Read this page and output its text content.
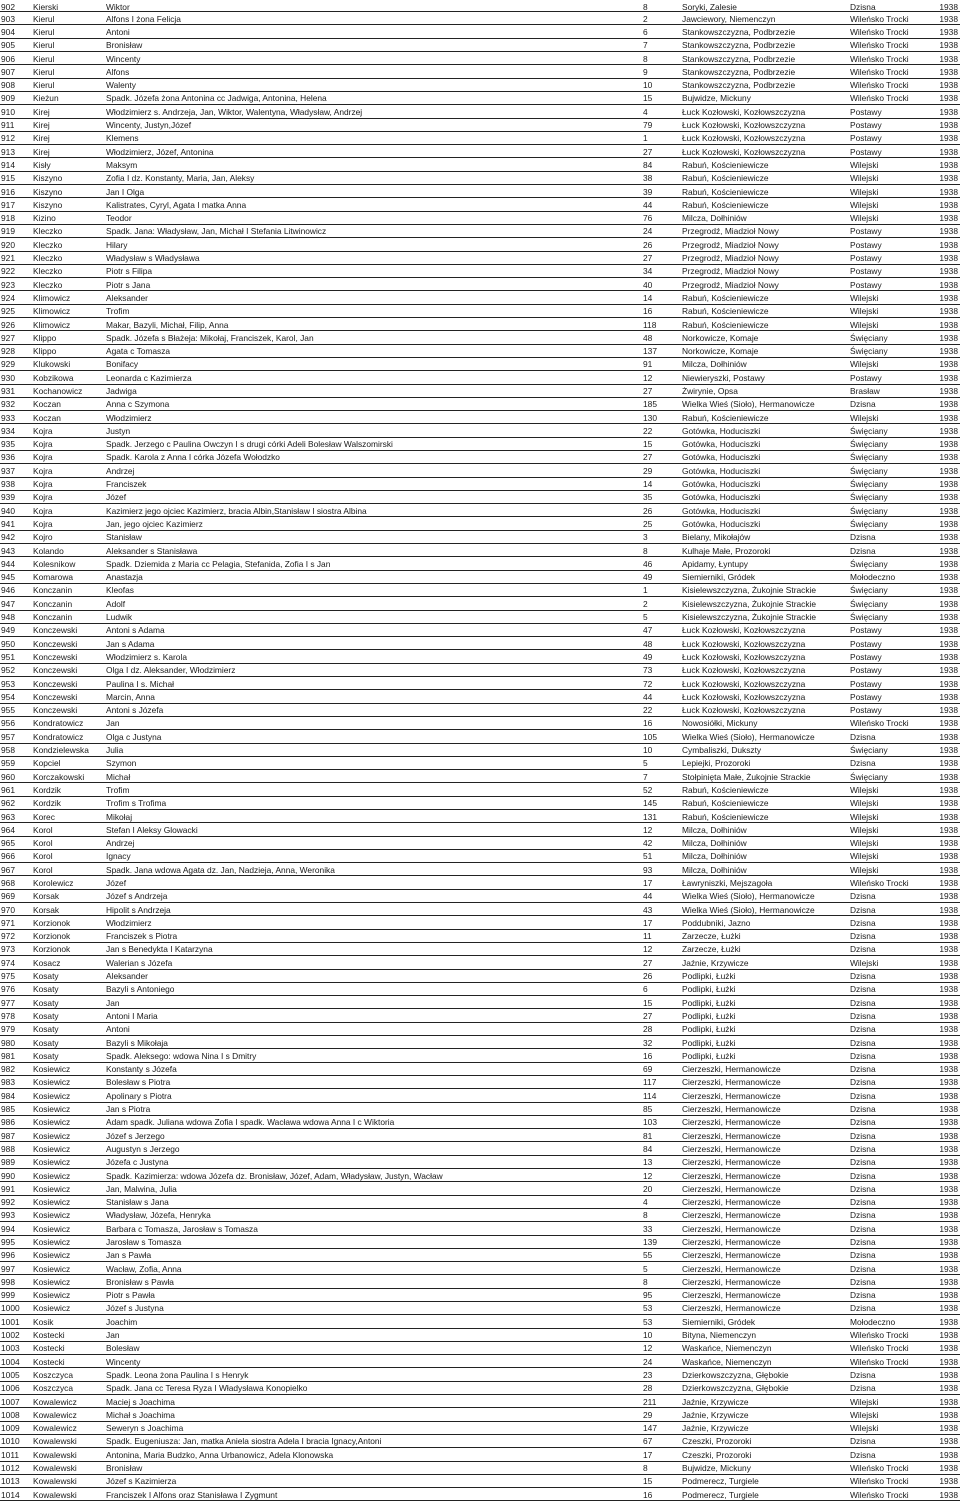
902	Kierski	Wiktor	8	Soryki, Zalesie	Dzisna	1938
903	Kierul	Alfons I żona Felicja	2	Jawciewory, Niemenczyn	Wileńsko Trocki	1938
904	Kierul	Antoni	6	Stankowszczyzna, Podbrzezie	Wileńsko Trocki	1938
905	Kierul	Bronisław	7	Stankowszczyzna, Podbrzezie	Wileńsko Trocki	1938
906	Kierul	Wincenty	8	Stankowszczyzna, Podbrzezie	Wileńsko Trocki	1938
907	Kierul	Alfons	9	Stankowszczyzna, Podbrzezie	Wileńsko Trocki	1938
908	Kierul	Walenty	10	Stankowszczyzna, Podbrzezie	Wileńsko Trocki	1938
909	Kieżun	Spadk. Józefa żona Antonina cc Jadwiga, Antonina, Helena	15	Bujwidze, Mickuny	Wileńsko Trocki	1938
910	Kirej	Włodzimierz s. Andrzeja, Jan, Wiktor, Walentyna, Władysław, Andrzej	4	Łuck Kozłowski, Kozłowszczyzna	Postawy	1938
911	Kirej	Wincenty, Justyn,Józef	79	Łuck Kozłowski, Kozłowszczyzna	Postawy	1938
912	Kirej	Klemens	1	Łuck Kozłowski, Kozłowszczyzna	Postawy	1938
913	Kirej	Włodzimierz, Józef, Antonina	27	Łuck Kozłowski, Kozłowszczyzna	Postawy	1938
914	Kisły	Maksym	84	Rabuń, Kościeniewicze	Wilejski	1938
915	Kiszyno	Zofia I dz. Konstanty, Maria, Jan, Aleksy	38	Rabuń, Kościeniewicze	Wilejski	1938
916	Kiszyno	Jan I Olga	39	Rabuń, Kościeniewicze	Wilejski	1938
917	Kiszyno	Kalistrates, Cyryl, Agata I matka Anna	44	Rabuń, Kościeniewicze	Wilejski	1938
918	Kizino	Teodor	76	Milcza, Dołhiniów	Wilejski	1938
919	Kleczko	Spadk. Jana: Władysław, Jan, Michał I Stefania Litwinowicz	24	Przegrodź, Miadzioł Nowy	Postawy	1938
920	Kleczko	Hilary	26	Przegrodź, Miadzioł Nowy	Postawy	1938
921	Kleczko	Władysław s Władysława	27	Przegrodź, Miadzioł Nowy	Postawy	1938
922	Kleczko	Piotr s Filipa	34	Przegrodź, Miadzioł Nowy	Postawy	1938
923	Kleczko	Piotr s Jana	40	Przegrodź, Miadzioł Nowy	Postawy	1938
924	Klimowicz	Aleksander	14	Rabuń, Kościeniewicze	Wilejski	1938
925	Klimowicz	Trofim	16	Rabuń, Kościeniewicze	Wilejski	1938
926	Klimowicz	Makar, Bazyli, Michał, Filip, Anna	118	Rabuń, Kościeniewicze	Wilejski	1938
927	Klippo	Spadk. Józefa s Błażeja: Mikołaj, Franciszek, Karol, Jan	48	Norkowicze, Komaje	Święciany	1938
928	Klippo	Agata c Tomasza	137	Norkowicze, Komaje	Święciany	1938
929	Klukowski	Bonifacy	91	Milcza, Dołhiniów	Wilejski	1938
930	Kobzikowa	Leonarda c Kazimierza	12	Niewieryszki, Postawy	Postawy	1938
931	Kochanowicz	Jadwiga	27	Żwirynie, Opsa	Brasław	1938
932	Koczan	Anna c Szymona	185	Wielka Wieś (Sioło), Hermanowicze	Dzisna	1938
933	Koczan	Włodzimierz	130	Rabuń, Kościeniewicze	Wilejski	1938
934	Kojra	Justyn	22	Gotówka, Hoduciszki	Święciany	1938
935	Kojra	Spadk. Jerzego c Paulina Owczyn I s drugi córki Adeli Bolesław Walszomirski	15	Gotówka, Hoduciszki	Święciany	1938
936	Kojra	Spadk. Karola z Anna I córka Józefa Wołodzko	27	Gotówka, Hoduciszki	Święciany	1938
937	Kojra	Andrzej	29	Gotówka, Hoduciszki	Święciany	1938
938	Kojra	Franciszek	14	Gotówka, Hoduciszki	Święciany	1938
939	Kojra	Józef	35	Gotówka, Hoduciszki	Święciany	1938
940	Kojra	Kazimierz jego ojciec Kazimierz, bracia Albin,Stanisław I siostra Albina	26	Gotówka, Hoduciszki	Święciany	1938
941	Kojra	Jan, jego ojciec Kazimierz	25	Gotówka, Hoduciszki	Święciany	1938
942	Kojro	Stanisław	3	Bielany, Mikołajów	Dzisna	1938
943	Kolando	Aleksander s Stanisława	8	Kulhaje Małe, Prozoroki	Dzisna	1938
944	Kolesnikow	Spadk. Dziemida z Maria cc Pelagia, Stefanida, Zofia I s Jan	46	Apidamy, Łyntupy	Święciany	1938
945	Komarowa	Anastazja	49	Siemierniki, Gródek	Mołodeczno	1938
946	Konczanin	Kleofas	1	Kisielewszczyzna, Żukojnie Strackie	Święciany	1938
947	Konczanin	Adolf	2	Kisielewszczyzna, Żukojnie Strackie	Święciany	1938
948	Konczanin	Ludwik	5	Kisielewszczyzna, Żukojnie Strackie	Święciany	1938
949	Konczewski	Antoni s Adama	47	Łuck Kozłowski, Kozłowszczyzna	Postawy	1938
950	Konczewski	Jan s Adama	48	Łuck Kozłowski, Kozłowszczyzna	Postawy	1938
951	Konczewski	Włodzimierz s. Karola	49	Łuck Kozłowski, Kozłowszczyzna	Postawy	1938
952	Konczewski	Olga I dz. Aleksander, Włodzimierz	73	Łuck Kozłowski, Kozłowszczyzna	Postawy	1938
953	Konczewski	Paulina I s. Michał	72	Łuck Kozłowski, Kozłowszczyzna	Postawy	1938
954	Konczewski	Marcin, Anna	44	Łuck Kozłowski, Kozłowszczyzna	Postawy	1938
955	Konczewski	Antoni s Józefa	22	Łuck Kozłowski, Kozłowszczyzna	Postawy	1938
956	Kondratowicz	Jan	16	Nowosiółki, Mickuny	Wileńsko Trocki	1938
957	Kondratowicz	Olga c Justyna	105	Wielka Wieś (Sioło), Hermanowicze	Dzisna	1938
958	Kondzielewska	Julia	10	Cymbaliszki, Dukszty	Święciany	1938
959	Kopciel	Szymon	5	Lepiejki, Prozoroki	Dzisna	1938
960	Korczakowski	Michał	7	Stołpinięta Małe, Żukojnie Strackie	Święciany	1938
961	Kordzik	Trofim	52	Rabuń, Kościeniewicze	Wilejski	1938
962	Kordzik	Trofim s Trofima	145	Rabuń, Kościeniewicze	Wilejski	1938
963	Korec	Mikołaj	131	Rabuń, Kościeniewicze	Wilejski	1938
964	Korol	Stefan I Aleksy Glowacki	12	Milcza, Dołhiniów	Wilejski	1938
965	Korol	Andrzej	42	Milcza, Dołhiniów	Wilejski	1938
966	Korol	Ignacy	51	Milcza, Dołhiniów	Wilejski	1938
967	Korol	Spadk. Jana wdowa Agata dz. Jan, Nadzieja, Anna, Weronika	93	Milcza, Dołhiniów	Wilejski	1938
968	Korolewicz	Józef	17	Ławryniszki, Mejszagoła	Wileńsko Trocki	1938
969	Korsak	Józef s Andrzeja	44	Wielka Wieś (Sioło), Hermanowicze	Dzisna	1938
970	Korsak	Hipolit s Andrzeja	43	Wielka Wieś (Sioło), Hermanowicze	Dzisna	1938
971	Korzionok	Włodzimierz	17	Poddubniki, Jazno	Dzisna	1938
972	Korzionok	Franciszek s Piotra	11	Zarzecze, Łużki	Dzisna	1938
973	Korzionok	Jan s Benedykta I Katarzyna	12	Zarzecze, Łużki	Dzisna	1938
974	Kosacz	Walerian s Józefa	27	Jaźnie, Krzywicze	Wilejski	1938
975	Kosaty	Aleksander	26	Podlipki, Łużki	Dzisna	1938
976	Kosaty	Bazyli s Antoniego	6	Podlipki, Łużki	Dzisna	1938
977	Kosaty	Jan	15	Podlipki, Łużki	Dzisna	1938
978	Kosaty	Antoni I Maria	27	Podlipki, Łużki	Dzisna	1938
979	Kosaty	Antoni	28	Podlipki, Łużki	Dzisna	1938
980	Kosaty	Bazyli s Mikołaja	32	Podlipki, Łużki	Dzisna	1938
981	Kosaty	Spadk. Aleksego: wdowa Nina I s Dmitry	16	Podlipki, Łużki	Dzisna	1938
982	Kosiewicz	Konstanty s Józefa	69	Cierzeszki, Hermanowicze	Dzisna	1938
983	Kosiewicz	Bolesław s Piotra	117	Cierzeszki, Hermanowicze	Dzisna	1938
984	Kosiewicz	Apolinary s Piotra	114	Cierzeszki, Hermanowicze	Dzisna	1938
985	Kosiewicz	Jan s Piotra	85	Cierzeszki, Hermanowicze	Dzisna	1938
986	Kosiewicz	Adam spadk. Juliana wdowa Zofia I spadk. Wacława wdowa Anna I c Wiktoria	103	Cierzeszki, Hermanowicze	Dzisna	1938
987	Kosiewicz	Józef s Jerzego	81	Cierzeszki, Hermanowicze	Dzisna	1938
988	Kosiewicz	Augustyn s Jerzego	84	Cierzeszki, Hermanowicze	Dzisna	1938
989	Kosiewicz	Józefa c Justyna	13	Cierzeszki, Hermanowicze	Dzisna	1938
990	Kosiewicz	Spadk. Kazimierza: wdowa Józefa dz. Bronisław, Józef, Adam, Władysław, Justyn, Wacław	12	Cierzeszki, Hermanowicze	Dzisna	1938
991	Kosiewicz	Jan, Malwina, Julia	20	Cierzeszki, Hermanowicze	Dzisna	1938
992	Kosiewicz	Stanisław s Jana	4	Cierzeszki, Hermanowicze	Dzisna	1938
993	Kosiewicz	Władysław, Józefa, Henryka	8	Cierzeszki, Hermanowicze	Dzisna	1938
994	Kosiewicz	Barbara c Tomasza, Jarosław s Tomasza	33	Cierzeszki, Hermanowicze	Dzisna	1938
995	Kosiewicz	Jarosław s Tomasza	139	Cierzeszki, Hermanowicze	Dzisna	1938
996	Kosiewicz	Jan s Pawła	55	Cierzeszki, Hermanowicze	Dzisna	1938
997	Kosiewicz	Wacław, Zofia, Anna	5	Cierzeszki, Hermanowicze	Dzisna	1938
998	Kosiewicz	Bronisław s Pawła	8	Cierzeszki, Hermanowicze	Dzisna	1938
999	Kosiewicz	Piotr s Pawła	95	Cierzeszki, Hermanowicze	Dzisna	1938
1000	Kosiewicz	Józef s Justyna	53	Cierzeszki, Hermanowicze	Dzisna	1938
1001	Kosik	Joachim	53	Siemierniki, Gródek	Mołodeczno	1938
1002	Kostecki	Jan	10	Bityna, Niemenczyn	Wileńsko Trocki	1938
1003	Kostecki	Bolesław	12	Waskańce, Niemenczyn	Wileńsko Trocki	1938
1004	Kostecki	Wincenty	24	Waskańce, Niemenczyn	Wileńsko Trocki	1938
1005	Koszczyca	Spadk. Leona żona Paulina I s Henryk	23	Dzierkowszczyzna, Głębokie	Dzisna	1938
1006	Koszczyca	Spadk. Jana cc Teresa Ryza I Władysława Konopielko	28	Dzierkowszczyzna, Głębokie	Dzisna	1938
1007	Kowalewicz	Maciej s Joachima	211	Jaźnie, Krzywicze	Wilejski	1938
1008	Kowalewicz	Michał s Joachima	29	Jaźnie, Krzywicze	Wilejski	1938
1009	Kowalewicz	Seweryn s Joachima	147	Jaźnie, Krzywicze	Wilejski	1938
1010	Kowalewski	Spadk. Eugeniusza: Jan, matka Aniela siostra Adela I bracia Ignacy,Antoni	67	Czeszki, Prozoroki	Dzisna	1938
1011	Kowalewski	Antonina, Maria Budzko, Anna Urbanowicz, Adela Klonowska	17	Czeszki, Prozoroki	Dzisna	1938
1012	Kowalewski	Bronisław	8	Bujwidze, Mickuny	Wileńsko Trocki	1938
1013	Kowalewski	Józef s Kazimierza	15	Podmerecz, Turgiele	Wileńsko Trocki	1938
1014	Kowalewski	Franciszek I Alfons oraz Stanisława I Zygmunt	16	Podmerecz, Turgiele	Wileńsko Trocki	1938
